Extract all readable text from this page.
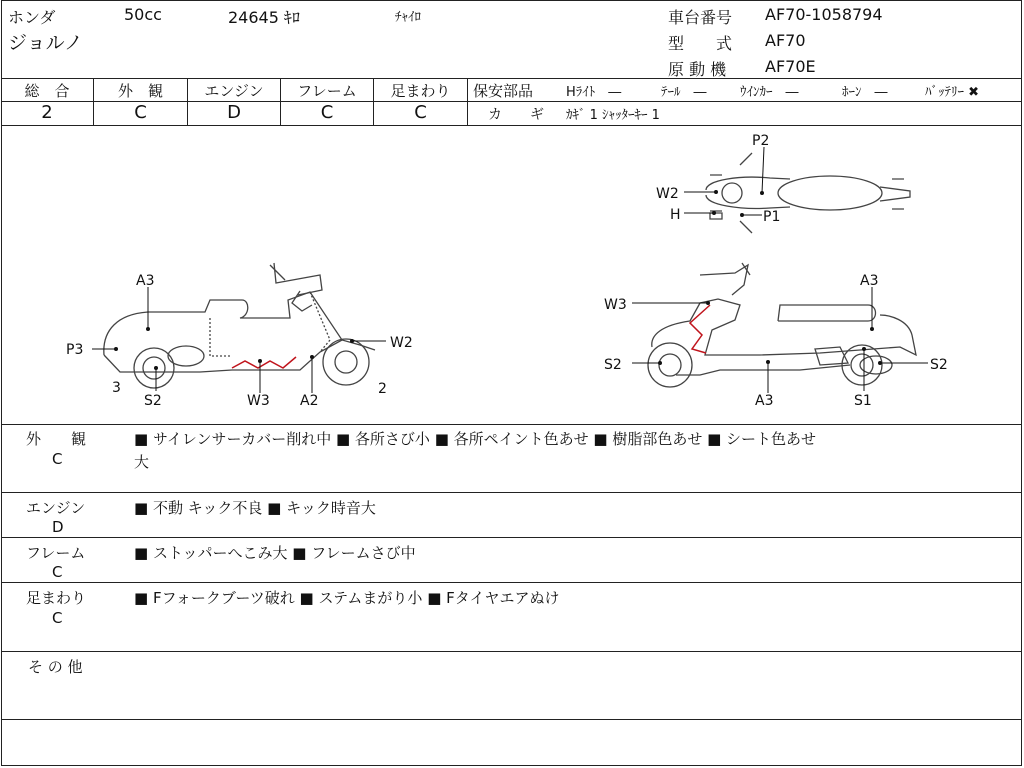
ホンダ	50cc	24645 ｷﾛ	ﾁｬｲﾛ
ジョルノ
車台番号 AF70-1058794
型　　式 AF70
原 動 機 AF70E
総　合	外　観	エンジン	フレーム	足まわり
2	C	D	C	C
保安部品	Hﾗｲﾄ　―	ﾃｰﾙ　―	ｳｲﾝｶｰ　―	ﾎｰﾝ　―	ﾊﾞｯﾃﾘｰ ✖
カ　　ギ ｶｷﾞ 1 ｼｬｯﾀｰｷｰ 1
A3
P3
3
S2	W3 A2
W2
2
W3
A3
S2
A3	S1
S2
P2
W2
H	P1
外　　観
C
■ サイレンサーカバー削れ中 ■ 各所さび小 ■ 各所ペイント色あせ ■ 樹脂部色あせ ■ シート色あせ
大
エンジン
D
■ 不動 キック不良 ■ キック時音大
フレーム
C
■ ストッパーへこみ大 ■ フレームさび中
足まわり
C
■ Fフォークブーツ破れ ■ ステムまがり小 ■ Fタイヤエアぬけ
そ の 他
